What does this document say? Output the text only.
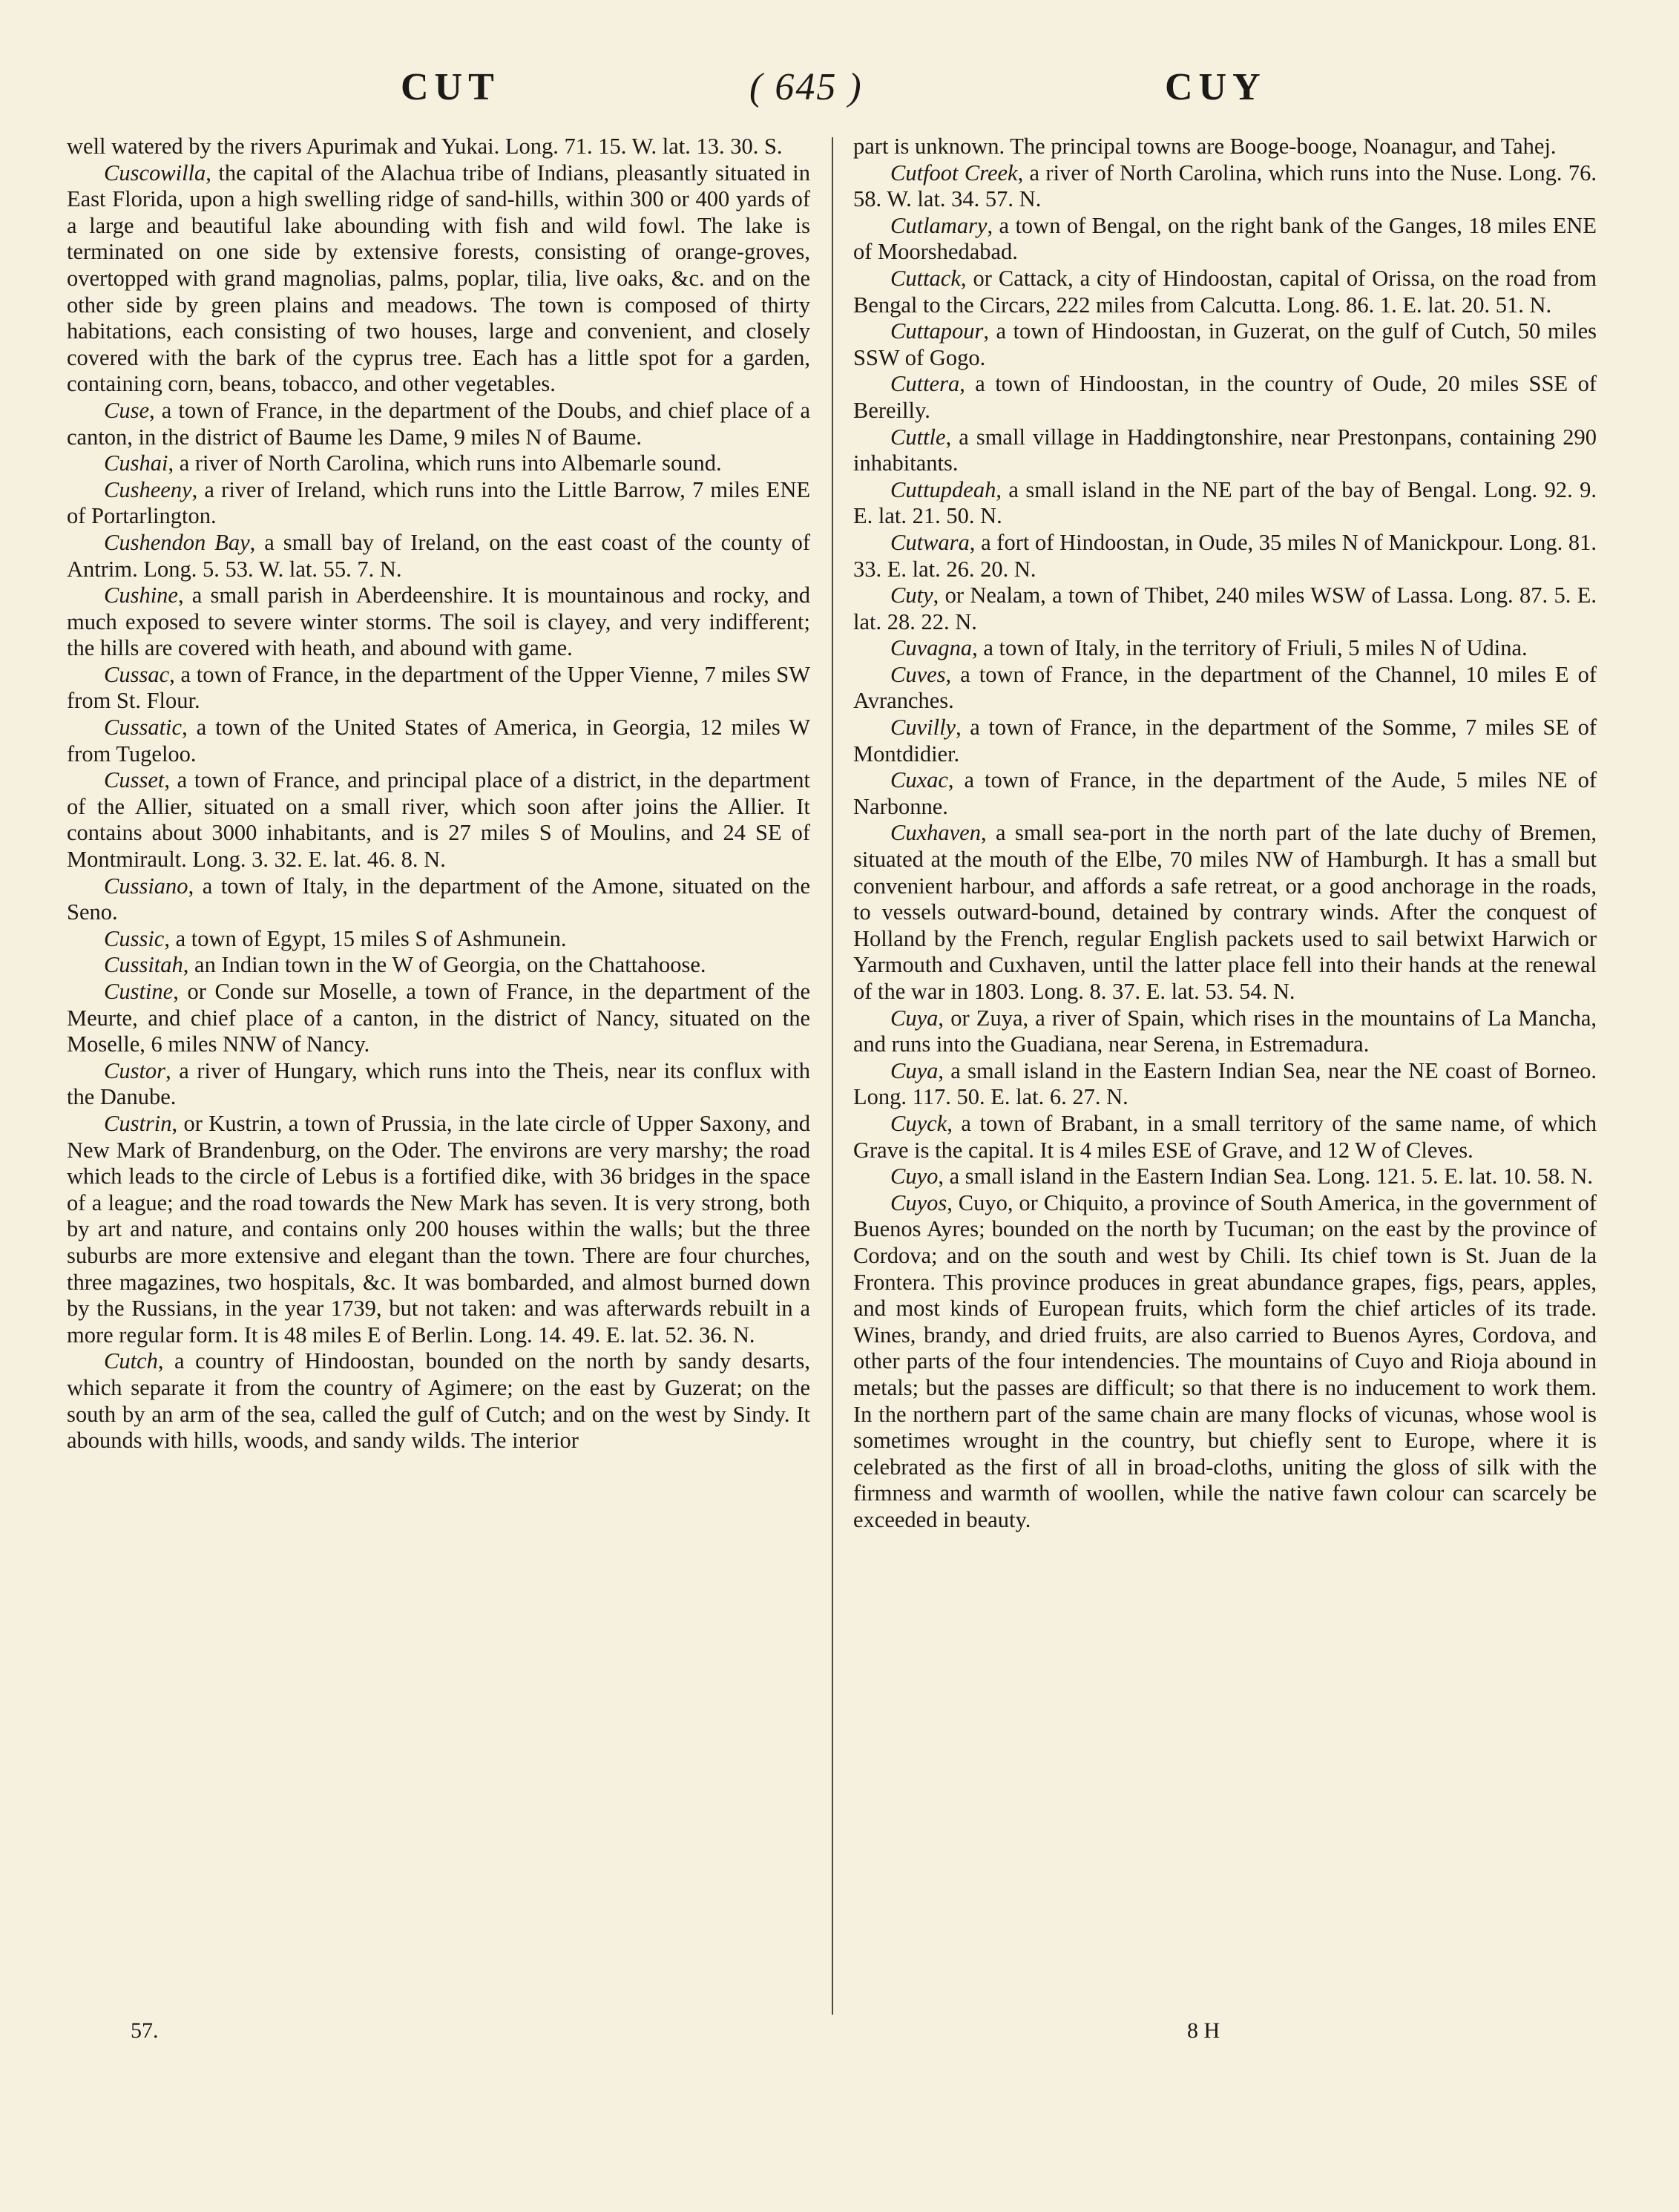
CUT	( 645 )	CUY

well watered by the rivers Apurimak and Yukai. Long. 71. 15. W. lat. 13. 30. S.

Cuscowilla, the capital of the Alachua tribe of Indians, pleasantly situated in East Florida, upon a high swelling ridge of sand-hills, within 300 or 400 yards of a large and beautiful lake abounding with fish and wild fowl. The lake is terminated on one side by extensive forests, consisting of orange-groves, overtopped with grand magnolias, palms, poplar, tilia, live oaks, &c. and on the other side by green plains and meadows. The town is composed of thirty habitations, each consisting of two houses, large and convenient, and closely covered with the bark of the cyprus tree. Each has a little spot for a garden, containing corn, beans, tobacco, and other vegetables.

Cuse, a town of France, in the department of the Doubs, and chief place of a canton, in the district of Baume les Dame, 9 miles N of Baume.

Cushai, a river of North Carolina, which runs into Albemarle sound.

Cusheeny, a river of Ireland, which runs into the Little Barrow, 7 miles ENE of Portarlington.

Cushendon Bay, a small bay of Ireland, on the east coast of the county of Antrim. Long. 5. 53. W. lat. 55. 7. N.

Cushine, a small parish in Aberdeenshire. It is mountainous and rocky, and much exposed to severe winter storms. The soil is clayey, and very indifferent; the hills are covered with heath, and abound with game.

Cussac, a town of France, in the department of the Upper Vienne, 7 miles SW from St. Flour.

Cussatic, a town of the United States of America, in Georgia, 12 miles W from Tugeloo.

Cusset, a town of France, and principal place of a district, in the department of the Allier, situated on a small river, which soon after joins the Allier. It contains about 3000 inhabitants, and is 27 miles S of Moulins, and 24 SE of Montmirault. Long. 3. 32. E. lat. 46. 8. N.

Cussiano, a town of Italy, in the department of the Amone, situated on the Seno.

Cussic, a town of Egypt, 15 miles S of Ashmunein.

Cussitah, an Indian town in the W of Georgia, on the Chattahoose.

Custine, or Conde sur Moselle, a town of France, in the department of the Meurte, and chief place of a canton, in the district of Nancy, situated on the Moselle, 6 miles NNW of Nancy.

Custor, a river of Hungary, which runs into the Theis, near its conflux with the Danube.

Custrin, or Kustrin, a town of Prussia, in the late circle of Upper Saxony, and New Mark of Brandenburg, on the Oder. The environs are very marshy; the road which leads to the circle of Lebus is a fortified dike, with 36 bridges in the space of a league; and the road towards the New Mark has seven. It is very strong, both by art and nature, and contains only 200 houses within the walls; but the three suburbs are more extensive and elegant than the town. There are four churches, three magazines, two hospitals, &c. It was bombarded, and almost burned down by the Russians, in the year 1739, but not taken: and was afterwards rebuilt in a more regular form. It is 48 miles E of Berlin. Long. 14. 49. E. lat. 52. 36. N.

Cutch, a country of Hindoostan, bounded on the north by sandy desarts, which separate it from the country of Agimere; on the east by Guzerat; on the south by an arm of the sea, called the gulf of Cutch; and on the west by Sindy. It abounds with hills, woods, and sandy wilds. The interior

part is unknown. The principal towns are Booge-booge, Noanagur, and Tahej.

Cutfoot Creek, a river of North Carolina, which runs into the Nuse. Long. 76. 58. W. lat. 34. 57. N.

Cutlamary, a town of Bengal, on the right bank of the Ganges, 18 miles ENE of Moorshedabad.

Cuttack, or Cattack, a city of Hindoostan, capital of Orissa, on the road from Bengal to the Circars, 222 miles from Calcutta. Long. 86. 1. E. lat. 20. 51. N.

Cuttapour, a town of Hindoostan, in Guzerat, on the gulf of Cutch, 50 miles SSW of Gogo.

Cuttera, a town of Hindoostan, in the country of Oude, 20 miles SSE of Bereilly.

Cuttle, a small village in Haddingtonshire, near Prestonpans, containing 290 inhabitants.

Cuttupdeah, a small island in the NE part of the bay of Bengal. Long. 92. 9. E. lat. 21. 50. N.

Cutwara, a fort of Hindoostan, in Oude, 35 miles N of Manickpour. Long. 81. 33. E. lat. 26. 20. N.

Cuty, or Nealam, a town of Thibet, 240 miles WSW of Lassa. Long. 87. 5. E. lat. 28. 22. N.

Cuvagna, a town of Italy, in the territory of Friuli, 5 miles N of Udina.

Cuves, a town of France, in the department of the Channel, 10 miles E of Avranches.

Cuvilly, a town of France, in the department of the Somme, 7 miles SE of Montdidier.

Cuxac, a town of France, in the department of the Aude, 5 miles NE of Narbonne.

Cuxhaven, a small sea-port in the north part of the late duchy of Bremen, situated at the mouth of the Elbe, 70 miles NW of Hamburgh. It has a small but convenient harbour, and affords a safe retreat, or a good anchorage in the roads, to vessels outward-bound, detained by contrary winds. After the conquest of Holland by the French, regular English packets used to sail betwixt Harwich or Yarmouth and Cuxhaven, until the latter place fell into their hands at the renewal of the war in 1803. Long. 8. 37. E. lat. 53. 54. N.

Cuya, or Zuya, a river of Spain, which rises in the mountains of La Mancha, and runs into the Guadiana, near Serena, in Estremadura.

Cuya, a small island in the Eastern Indian Sea, near the NE coast of Borneo. Long. 117. 50. E. lat. 6. 27. N.

Cuyck, a town of Brabant, in a small territory of the same name, of which Grave is the capital. It is 4 miles ESE of Grave, and 12 W of Cleves.

Cuyo, a small island in the Eastern Indian Sea. Long. 121. 5. E. lat. 10. 58. N.

Cuyos, Cuyo, or Chiquito, a province of South America, in the government of Buenos Ayres; bounded on the north by Tucuman; on the east by the province of Cordova; and on the south and west by Chili. Its chief town is St. Juan de la Frontera. This province produces in great abundance grapes, figs, pears, apples, and most kinds of European fruits, which form the chief articles of its trade. Wines, brandy, and dried fruits, are also carried to Buenos Ayres, Cordova, and other parts of the four intendencies. The mountains of Cuyo and Rioja abound in metals; but the passes are difficult; so that there is no inducement to work them. In the northern part of the same chain are many flocks of vicunas, whose wool is sometimes wrought in the country, but chiefly sent to Europe, where it is celebrated as the first of all in broad-cloths, uniting the gloss of silk with the firmness and warmth of woollen, while the native fawn colour can scarcely be exceeded in beauty.

57.	8 H
